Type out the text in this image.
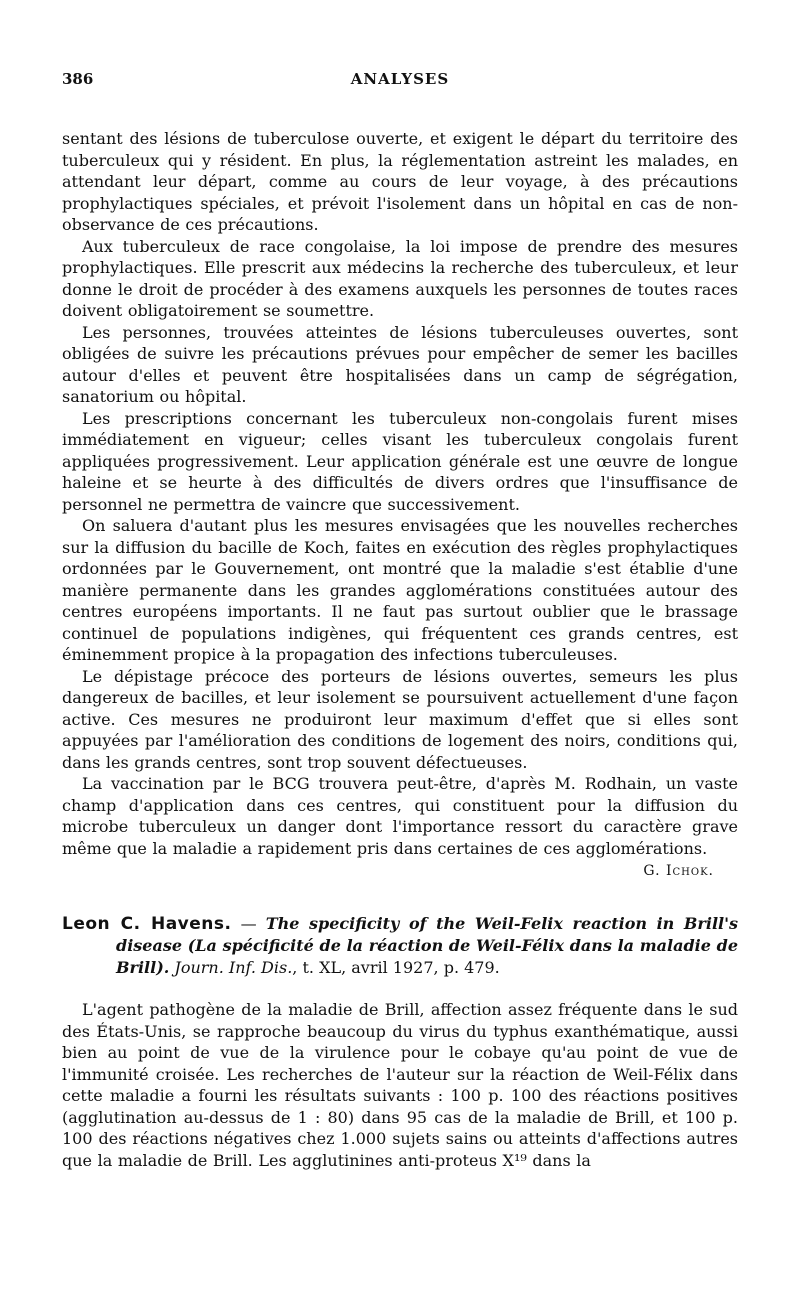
386	ANALYSES

sentant des lésions de tuberculose ouverte, et exigent le départ du territoire des tuberculeux qui y résident. En plus, la réglementation astreint les malades, en attendant leur départ, comme au cours de leur voyage, à des précautions prophylactiques spéciales, et prévoit l'isolement dans un hôpital en cas de non-observance de ces précautions.

Aux tuberculeux de race congolaise, la loi impose de prendre des mesures prophylactiques. Elle prescrit aux médecins la recherche des tuberculeux, et leur donne le droit de procéder à des examens auxquels les personnes de toutes races doivent obligatoirement se soumettre.

Les personnes, trouvées atteintes de lésions tuberculeuses ouvertes, sont obligées de suivre les précautions prévues pour empêcher de semer les bacilles autour d'elles et peuvent être hospitalisées dans un camp de ségrégation, sanatorium ou hôpital.

Les prescriptions concernant les tuberculeux non-congolais furent mises immédiatement en vigueur; celles visant les tuberculeux congolais furent appliquées progressivement. Leur application générale est une œuvre de longue haleine et se heurte à des difficultés de divers ordres que l'insuffisance de personnel ne permettra de vaincre que successivement.

On saluera d'autant plus les mesures envisagées que les nouvelles recherches sur la diffusion du bacille de Koch, faites en exécution des règles prophylactiques ordonnées par le Gouvernement, ont montré que la maladie s'est établie d'une manière permanente dans les grandes agglomérations constituées autour des centres européens importants. Il ne faut pas surtout oublier que le brassage continuel de populations indigènes, qui fréquentent ces grands centres, est éminemment propice à la propagation des infections tuberculeuses.

Le dépistage précoce des porteurs de lésions ouvertes, semeurs les plus dangereux de bacilles, et leur isolement se poursuivent actuellement d'une façon active. Ces mesures ne produiront leur maximum d'effet que si elles sont appuyées par l'amélioration des conditions de logement des noirs, conditions qui, dans les grands centres, sont trop souvent défectueuses.

La vaccination par le BCG trouvera peut-être, d'après M. Rodhain, un vaste champ d'application dans ces centres, qui constituent pour la diffusion du microbe tuberculeux un danger dont l'importance ressort du caractère grave même que la maladie a rapidement pris dans certaines de ces agglomérations.

G. Ichok.

Leon C. Havens. — The specificity of the Weil-Felix reaction in Brill's disease (La spécificité de la réaction de Weil-Félix dans la maladie de Brill). Journ. Inf. Dis., t. XL, avril 1927, p. 479.

L'agent pathogène de la maladie de Brill, affection assez fréquente dans le sud des États-Unis, se rapproche beaucoup du virus du typhus exanthématique, aussi bien au point de vue de la virulence pour le cobaye qu'au point de vue de l'immunité croisée. Les recherches de l'auteur sur la réaction de Weil-Félix dans cette maladie a fourni les résultats suivants : 100 p. 100 des réactions positives (agglutination au-dessus de 1 : 80) dans 95 cas de la maladie de Brill, et 100 p. 100 des réactions négatives chez 1.000 sujets sains ou atteints d'affections autres que la maladie de Brill. Les agglutinines anti-proteus X¹⁹ dans la
